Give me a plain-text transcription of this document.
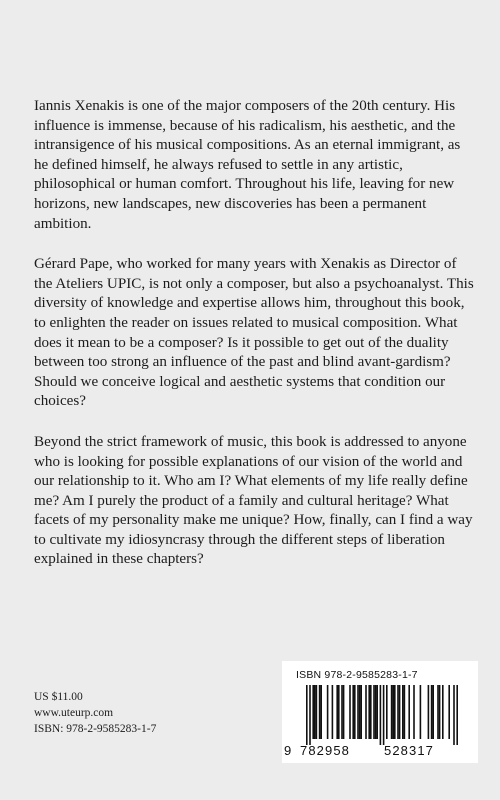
Iannis Xenakis is one of the major composers of the 20th century. His influence is immense, because of his radicalism, his aesthetic, and the intransigence of his musical compositions. As an eternal immigrant, as he defined himself, he always refused to settle in any artistic, philosophical or human comfort. Throughout his life, leaving for new horizons, new landscapes, new discoveries has been a permanent ambition.

Gérard Pape, who worked for many years with Xenakis as Director of the Ateliers UPIC, is not only a composer, but also a psychoanalyst. This diversity of knowledge and expertise allows him, throughout this book, to enlighten the reader on issues related to musical composition. What does it mean to be a composer? Is it possible to get out of the duality between too strong an influence of the past and blind avant-gardism? Should we conceive logical and aesthetic systems that condition our choices?

Beyond the strict framework of music, this book is addressed to anyone who is looking for possible explanations of our vision of the world and our relationship to it. Who am I? What elements of my life really define me? Am I purely the product of a family and cultural heritage? What facets of my personality make me unique? How, finally, can I find a way to cultivate my idiosyncrasy through the different steps of liberation explained in these chapters?

US $11.00
www.uteurp.com
ISBN: 978-2-9585283-1-7
ISBN 978-2-9585283-1-7
9 782958	528317
